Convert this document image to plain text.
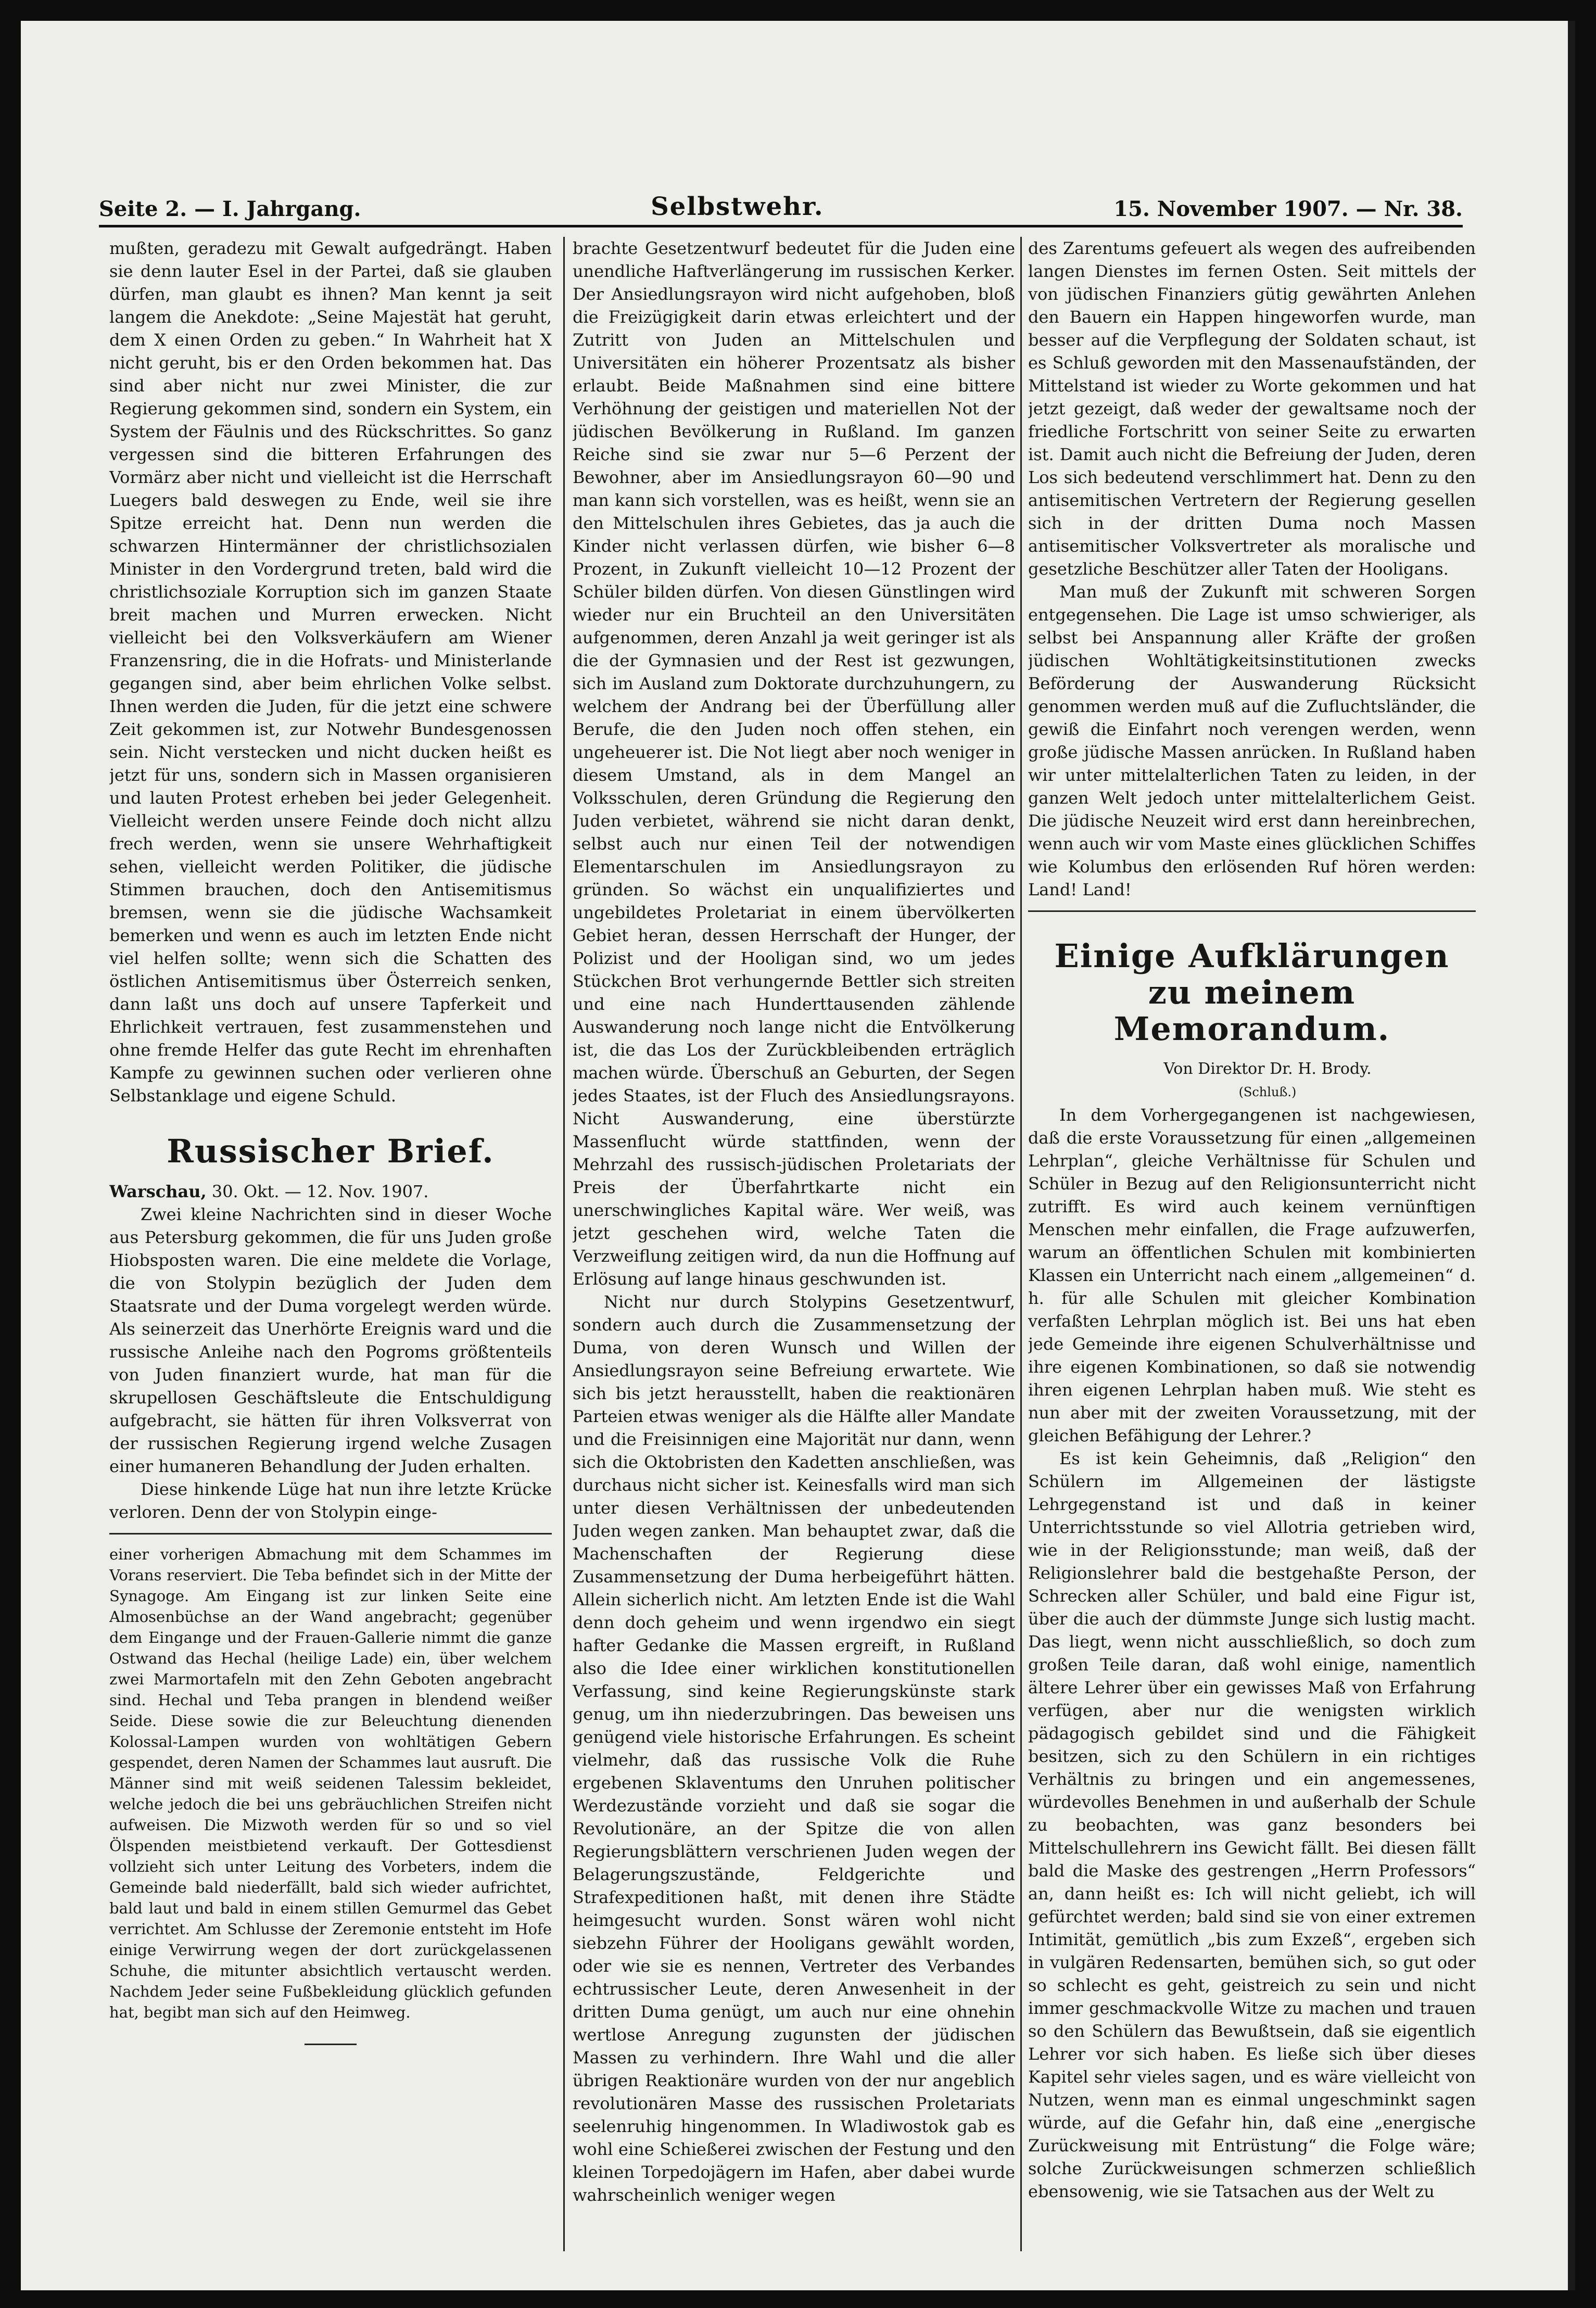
Seite 2. — I. Jahrgang.	Selbstwehr.	15. November 1907. — Nr. 38.

mußten, geradezu mit Gewalt aufgedrängt. Haben sie denn lauter Esel in der Partei, daß sie glauben dürfen, man glaubt es ihnen? Man kennt ja seit langem die Anekdote: „Seine Majestät hat geruht, dem X einen Orden zu geben.“ In Wahrheit hat X nicht geruht, bis er den Orden bekommen hat. Das sind aber nicht nur zwei Minister, die zur Regierung gekommen sind, sondern ein System, ein System der Fäulnis und des Rückschrittes. So ganz vergessen sind die bitteren Erfahrungen des Vormärz aber nicht und vielleicht ist die Herrschaft Luegers bald deswegen zu Ende, weil sie ihre Spitze erreicht hat. Denn nun werden die schwarzen Hintermänner der christlichsozialen Minister in den Vordergrund treten, bald wird die christlichsoziale Korruption sich im ganzen Staate breit machen und Murren erwecken. Nicht vielleicht bei den Volksverkäufern am Wiener Franzensring, die in die Hofrats- und Ministerlande gegangen sind, aber beim ehrlichen Volke selbst. Ihnen werden die Juden, für die jetzt eine schwere Zeit gekommen ist, zur Notwehr Bundesgenossen sein. Nicht verstecken und nicht ducken heißt es jetzt für uns, sondern sich in Massen organisieren und lauten Protest erheben bei jeder Gelegenheit. Vielleicht werden unsere Feinde doch nicht allzu frech werden, wenn sie unsere Wehrhaftigkeit sehen, vielleicht werden Politiker, die jüdische Stimmen brauchen, doch den Antisemitismus bremsen, wenn sie die jüdische Wachsamkeit bemerken und wenn es auch im letzten Ende nicht viel helfen sollte; wenn sich die Schatten des östlichen Antisemitismus über Österreich senken, dann laßt uns doch auf unsere Tapferkeit und Ehrlichkeit vertrauen, fest zusammenstehen und ohne fremde Helfer das gute Recht im ehrenhaften Kampfe zu gewinnen suchen oder verlieren ohne Selbstanklage und eigene Schuld.

Russischer Brief.

Warschau, 30. Okt. — 12. Nov. 1907.

Zwei kleine Nachrichten sind in dieser Woche aus Petersburg gekommen, die für uns Juden große Hiobsposten waren. Die eine meldete die Vorlage, die von Stolypin bezüglich der Juden dem Staatsrate und der Duma vorgelegt werden würde. Als seinerzeit das Unerhörte Ereignis ward und die russische Anleihe nach den Pogroms größtenteils von Juden finanziert wurde, hat man für die skrupellosen Geschäftsleute die Entschuldigung aufgebracht, sie hätten für ihren Volksverrat von der russischen Regierung irgend welche Zusagen einer humaneren Behandlung der Juden erhalten.

Diese hinkende Lüge hat nun ihre letzte Krücke verloren. Denn der von Stolypin einge-

einer vorherigen Abmachung mit dem Schammes im Vorans reserviert. Die Teba befindet sich in der Mitte der Synagoge. Am Eingang ist zur linken Seite eine Almosenbüchse an der Wand angebracht; gegenüber dem Eingange und der Frauen-Gallerie nimmt die ganze Ostwand das Hechal (heilige Lade) ein, über welchem zwei Marmortafeln mit den Zehn Geboten angebracht sind. Hechal und Teba prangen in blendend weißer Seide. Diese sowie die zur Beleuchtung dienenden Kolossal-Lampen wurden von wohltätigen Gebern gespendet, deren Namen der Schammes laut ausruft. Die Männer sind mit weiß seidenen Talessim bekleidet, welche jedoch die bei uns gebräuchlichen Streifen nicht aufweisen. Die Mizwoth werden für so und so viel Ölspenden meistbietend verkauft. Der Gottesdienst vollzieht sich unter Leitung des Vorbeters, indem die Gemeinde bald niederfällt, bald sich wieder aufrichtet, bald laut und bald in einem stillen Gemurmel das Gebet verrichtet. Am Schlusse der Zeremonie entsteht im Hofe einige Verwirrung wegen der dort zurückgelassenen Schuhe, die mitunter absichtlich vertauscht werden. Nachdem Jeder seine Fußbekleidung glücklich gefunden hat, begibt man sich auf den Heimweg.

brachte Gesetzentwurf bedeutet für die Juden eine unendliche Haftverlängerung im russischen Kerker. Der Ansiedlungsrayon wird nicht aufgehoben, bloß die Freizügigkeit darin etwas erleichtert und der Zutritt von Juden an Mittelschulen und Universitäten ein höherer Prozentsatz als bisher erlaubt. Beide Maßnahmen sind eine bittere Verhöhnung der geistigen und materiellen Not der jüdischen Bevölkerung in Rußland. Im ganzen Reiche sind sie zwar nur 5—6 Perzent der Bewohner, aber im Ansiedlungsrayon 60—90 und man kann sich vorstellen, was es heißt, wenn sie an den Mittelschulen ihres Gebietes, das ja auch die Kinder nicht verlassen dürfen, wie bisher 6—8 Prozent, in Zukunft vielleicht 10—12 Prozent der Schüler bilden dürfen. Von diesen Günstlingen wird wieder nur ein Bruchteil an den Universitäten aufgenommen, deren Anzahl ja weit geringer ist als die der Gymnasien und der Rest ist gezwungen, sich im Ausland zum Doktorate durchzuhungern, zu welchem der Andrang bei der Überfüllung aller Berufe, die den Juden noch offen stehen, ein ungeheuerer ist. Die Not liegt aber noch weniger in diesem Umstand, als in dem Mangel an Volksschulen, deren Gründung die Regierung den Juden verbietet, während sie nicht daran denkt, selbst auch nur einen Teil der notwendigen Elementarschulen im Ansiedlungsrayon zu gründen. So wächst ein unqualifiziertes und ungebildetes Proletariat in einem übervölkerten Gebiet heran, dessen Herrschaft der Hunger, der Polizist und der Hooligan sind, wo um jedes Stückchen Brot verhungernde Bettler sich streiten und eine nach Hunderttausenden zählende Auswanderung noch lange nicht die Entvölkerung ist, die das Los der Zurückbleibenden erträglich machen würde. Überschuß an Geburten, der Segen jedes Staates, ist der Fluch des Ansiedlungsrayons. Nicht Auswanderung, eine überstürzte Massenflucht würde stattfinden, wenn der Mehrzahl des russisch-jüdischen Proletariats der Preis der Überfahrtkarte nicht ein unerschwingliches Kapital wäre. Wer weiß, was jetzt geschehen wird, welche Taten die Verzweiflung zeitigen wird, da nun die Hoffnung auf Erlösung auf lange hinaus geschwunden ist.

Nicht nur durch Stolypins Gesetzentwurf, sondern auch durch die Zusammensetzung der Duma, von deren Wunsch und Willen der Ansiedlungsrayon seine Befreiung erwartete. Wie sich bis jetzt herausstellt, haben die reaktionären Parteien etwas weniger als die Hälfte aller Mandate und die Freisinnigen eine Majorität nur dann, wenn sich die Oktobristen den Kadetten anschließen, was durchaus nicht sicher ist. Keinesfalls wird man sich unter diesen Verhältnissen der unbedeutenden Juden wegen zanken. Man behauptet zwar, daß die Machenschaften der Regierung diese Zusammensetzung der Duma herbeigeführt hätten. Allein sicherlich nicht. Am letzten Ende ist die Wahl denn doch geheim und wenn irgendwo ein siegt hafter Gedanke die Massen ergreift, in Rußland also die Idee einer wirklichen konstitutionellen Verfassung, sind keine Regierungskünste stark genug, um ihn niederzubringen. Das beweisen uns genügend viele historische Erfahrungen. Es scheint vielmehr, daß das russische Volk die Ruhe ergebenen Sklaventums den Unruhen politischer Werdezustände vorzieht und daß sie sogar die Revolutionäre, an der Spitze die von allen Regierungsblättern verschrienen Juden wegen der Belagerungszustände, Feldgerichte und Strafexpeditionen haßt, mit denen ihre Städte heimgesucht wurden. Sonst wären wohl nicht siebzehn Führer der Hooligans gewählt worden, oder wie sie es nennen, Vertreter des Verbandes echtrussischer Leute, deren Anwesenheit in der dritten Duma genügt, um auch nur eine ohnehin wertlose Anregung zugunsten der jüdischen Massen zu verhindern. Ihre Wahl und die aller übrigen Reaktionäre wurden von der nur angeblich revolutionären Masse des russischen Proletariats seelenruhig hingenommen. In Wladiwostok gab es wohl eine Schießerei zwischen der Festung und den kleinen Torpedojägern im Hafen, aber dabei wurde wahrscheinlich weniger wegen

des Zarentums gefeuert als wegen des aufreibenden langen Dienstes im fernen Osten. Seit mittels der von jüdischen Finanziers gütig gewährten Anlehen den Bauern ein Happen hingeworfen wurde, man besser auf die Verpflegung der Soldaten schaut, ist es Schluß geworden mit den Massenaufständen, der Mittelstand ist wieder zu Worte gekommen und hat jetzt gezeigt, daß weder der gewaltsame noch der friedliche Fortschritt von seiner Seite zu erwarten ist. Damit auch nicht die Befreiung der Juden, deren Los sich bedeutend verschlimmert hat. Denn zu den antisemitischen Vertretern der Regierung gesellen sich in der dritten Duma noch Massen antisemitischer Volksvertreter als moralische und gesetzliche Beschützer aller Taten der Hooligans.

Man muß der Zukunft mit schweren Sorgen entgegensehen. Die Lage ist umso schwieriger, als selbst bei Anspannung aller Kräfte der großen jüdischen Wohltätigkeitsinstitutionen zwecks Beförderung der Auswanderung Rücksicht genommen werden muß auf die Zufluchtsländer, die gewiß die Einfahrt noch verengen werden, wenn große jüdische Massen anrücken. In Rußland haben wir unter mittelalterlichen Taten zu leiden, in der ganzen Welt jedoch unter mittelalterlichem Geist. Die jüdische Neuzeit wird erst dann hereinbrechen, wenn auch wir vom Maste eines glücklichen Schiffes wie Kolumbus den erlösenden Ruf hören werden: Land! Land!

Einige Aufklärungen zu meinem Memorandum.

Von Direktor Dr. H. Brody.

(Schluß.)

In dem Vorhergegangenen ist nachgewiesen, daß die erste Voraussetzung für einen „allgemeinen Lehrplan“, gleiche Verhältnisse für Schulen und Schüler in Bezug auf den Religionsunterricht nicht zutrifft. Es wird auch keinem vernünftigen Menschen mehr einfallen, die Frage aufzuwerfen, warum an öffentlichen Schulen mit kombinierten Klassen ein Unterricht nach einem „allgemeinen“ d. h. für alle Schulen mit gleicher Kombination verfaßten Lehrplan möglich ist. Bei uns hat eben jede Gemeinde ihre eigenen Schulverhältnisse und ihre eigenen Kombinationen, so daß sie notwendig ihren eigenen Lehrplan haben muß. Wie steht es nun aber mit der zweiten Voraussetzung, mit der gleichen Befähigung der Lehrer.?

Es ist kein Geheimnis, daß „Religion“ den Schülern im Allgemeinen der lästigste Lehrgegenstand ist und daß in keiner Unterrichtsstunde so viel Allotria getrieben wird, wie in der Religionsstunde; man weiß, daß der Religionslehrer bald die bestgehaßte Person, der Schrecken aller Schüler, und bald eine Figur ist, über die auch der dümmste Junge sich lustig macht. Das liegt, wenn nicht ausschließlich, so doch zum großen Teile daran, daß wohl einige, namentlich ältere Lehrer über ein gewisses Maß von Erfahrung verfügen, aber nur die wenigsten wirklich pädagogisch gebildet sind und die Fähigkeit besitzen, sich zu den Schülern in ein richtiges Verhältnis zu bringen und ein angemessenes, würdevolles Benehmen in und außerhalb der Schule zu beobachten, was ganz besonders bei Mittelschullehrern ins Gewicht fällt. Bei diesen fällt bald die Maske des gestrengen „Herrn Professors“ an, dann heißt es: Ich will nicht geliebt, ich will gefürchtet werden; bald sind sie von einer extremen Intimität, gemütlich „bis zum Exzeß“, ergeben sich in vulgären Redensarten, bemühen sich, so gut oder so schlecht es geht, geistreich zu sein und nicht immer geschmackvolle Witze zu machen und trauen so den Schülern das Bewußtsein, daß sie eigentlich Lehrer vor sich haben. Es ließe sich über dieses Kapitel sehr vieles sagen, und es wäre vielleicht von Nutzen, wenn man es einmal ungeschminkt sagen würde, auf die Gefahr hin, daß eine „energische Zurückweisung mit Entrüstung“ die Folge wäre; solche Zurückweisungen schmerzen schließlich ebensowenig, wie sie Tatsachen aus der Welt zu
